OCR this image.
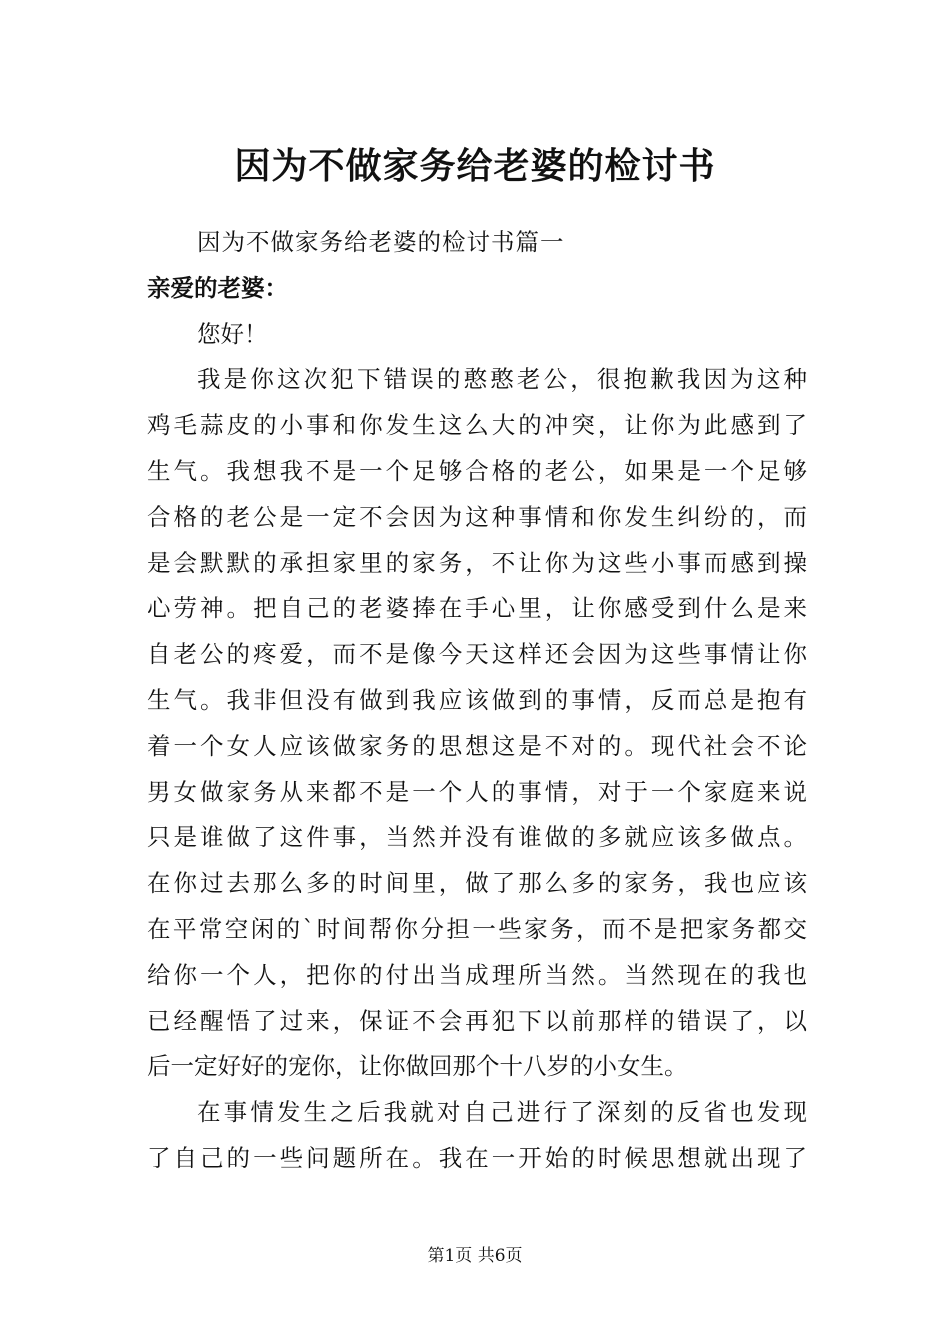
因为不做家务给老婆的检讨书
因为不做家务给老婆的检讨书篇一
亲爱的老婆：
您好！
我是你这次犯下错误的憨憨老公，很抱歉我因为这种
鸡毛蒜皮的小事和你发生这么大的冲突，让你为此感到了
生气。我想我不是一个足够合格的老公，如果是一个足够
合格的老公是一定不会因为这种事情和你发生纠纷的，而
是会默默的承担家里的家务，不让你为这些小事而感到操
心劳神。把自己的老婆捧在手心里，让你感受到什么是来
自老公的疼爱，而不是像今天这样还会因为这些事情让你
生气。我非但没有做到我应该做到的事情，反而总是抱有
着一个女人应该做家务的思想这是不对的。现代社会不论
男女做家务从来都不是一个人的事情，对于一个家庭来说
只是谁做了这件事，当然并没有谁做的多就应该多做点。
在你过去那么多的时间里，做了那么多的家务，我也应该
在平常空闲的`时间帮你分担一些家务，而不是把家务都交
给你一个人，把你的付出当成理所当然。当然现在的我也
已经醒悟了过来，保证不会再犯下以前那样的错误了，以
后一定好好的宠你，让你做回那个十八岁的小女生。
在事情发生之后我就对自己进行了深刻的反省也发现
了自己的一些问题所在。我在一开始的时候思想就出现了
第1页 共6页
